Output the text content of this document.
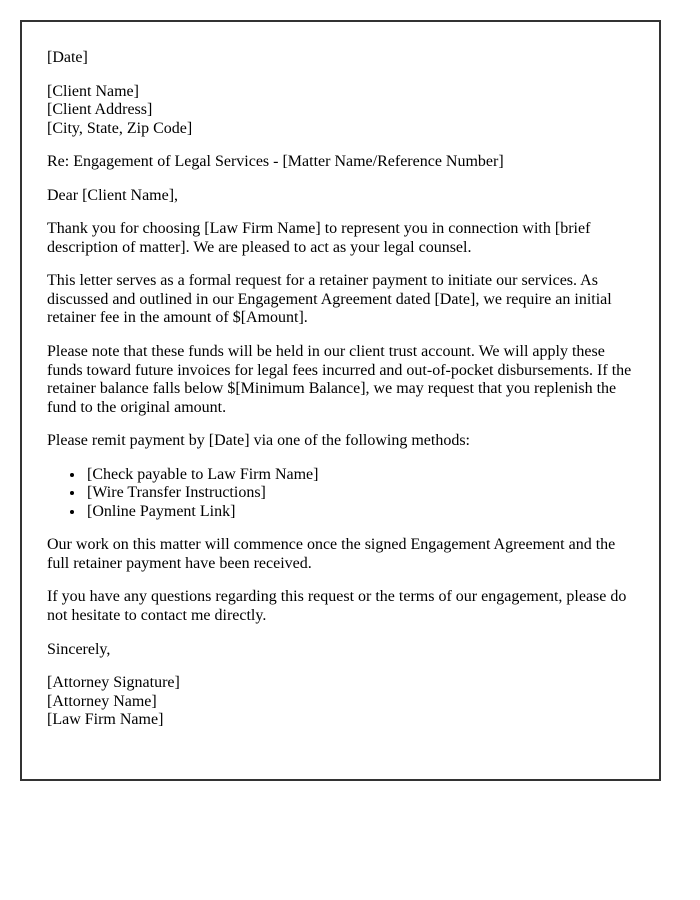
[Date]

[Client Name]
[Client Address]
[City, State, Zip Code]

Re: Engagement of Legal Services - [Matter Name/Reference Number]

Dear [Client Name],

Thank you for choosing [Law Firm Name] to represent you in connection with [brief description of matter]. We are pleased to act as your legal counsel.

This letter serves as a formal request for a retainer payment to initiate our services. As discussed and outlined in our Engagement Agreement dated [Date], we require an initial retainer fee in the amount of $[Amount].

Please note that these funds will be held in our client trust account. We will apply these funds toward future invoices for legal fees incurred and out-of-pocket disbursements. If the retainer balance falls below $[Minimum Balance], we may request that you replenish the fund to the original amount.

Please remit payment by [Date] via one of the following methods:

• [Check payable to Law Firm Name]
• [Wire Transfer Instructions]
• [Online Payment Link]

Our work on this matter will commence once the signed Engagement Agreement and the full retainer payment have been received.

If you have any questions regarding this request or the terms of our engagement, please do not hesitate to contact me directly.

Sincerely,

[Attorney Signature]
[Attorney Name]
[Law Firm Name]
